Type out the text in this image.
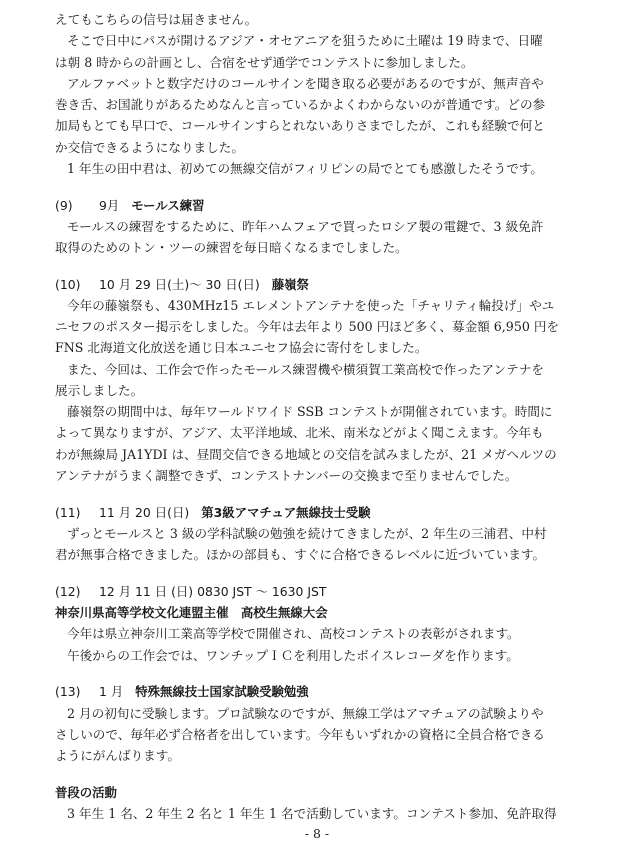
えてもこちらの信号は届きません。
そこで日中にパスが開けるアジア・オセアニアを狙うために土曜は 19 時まで、日曜
は朝 8 時からの計画とし、合宿をせず通学でコンテストに参加しました。
アルファベットと数字だけのコールサインを聞き取る必要があるのですが、無声音や
巻き舌、お国訛りがあるためなんと言っているかよくわからないのが普通です。どの参
加局もとても早口で、コールサインすらとれないありさまでしたが、これも経験で何と
か交信できるようになりました。
1 年生の田中君は、初めての無線交信がフィリピンの局でとても感激したそうです。
(9) 9月 モールス練習
モールスの練習をするために、昨年ハムフェアで買ったロシア製の電鍵で、3 級免許
取得のためのトン・ツーの練習を毎日暗くなるまでしました。
(10) 10 月 29 日(土)～ 30 日(日) 藤嶺祭
今年の藤嶺祭も、430MHz15 エレメントアンテナを使った「チャリティ輪投げ」やユ
ニセフのポスター掲示をしました。今年は去年より 500 円ほど多く、募金額 6,950 円を
FNS 北海道文化放送を通じ日本ユニセフ協会に寄付をしました。
また、今回は、工作会で作ったモールス練習機や横須賀工業高校で作ったアンテナを
展示しました。
藤嶺祭の期間中は、毎年ワールドワイド SSB コンテストが開催されています。時間に
よって異なりますが、アジア、太平洋地域、北米、南米などがよく聞こえます。今年も
わが無線局 JA1YDI は、昼間交信できる地域との交信を試みましたが、21 メガヘルツの
アンテナがうまく調整できず、コンテストナンバーの交換まで至りませんでした。
(11) 11 月 20 日(日) 第3級アマチュア無線技士受験
ずっとモールスと 3 級の学科試験の勉強を続けてきましたが、2 年生の三浦君、中村
君が無事合格できました。ほかの部員も、すぐに合格できるレベルに近づいています。
(12) 12 月 11 日 (日) 0830 JST ～ 1630 JST
神奈川県高等学校文化連盟主催　高校生無線大会
今年は県立神奈川工業高等学校で開催され、高校コンテストの表彰がされます。
午後からの工作会では、ワンチップＩＣを利用したボイスレコーダを作ります。
(13) 1 月 特殊無線技士国家試験受験勉強
2 月の初旬に受験します。プロ試験なのですが、無線工学はアマチュアの試験よりや
さしいので、毎年必ず合格者を出しています。今年もいずれかの資格に全員合格できる
ようにがんばります。
普段の活動
3 年生 1 名、2 年生 2 名と 1 年生 1 名で活動しています。コンテスト参加、免許取得
- 8 -
